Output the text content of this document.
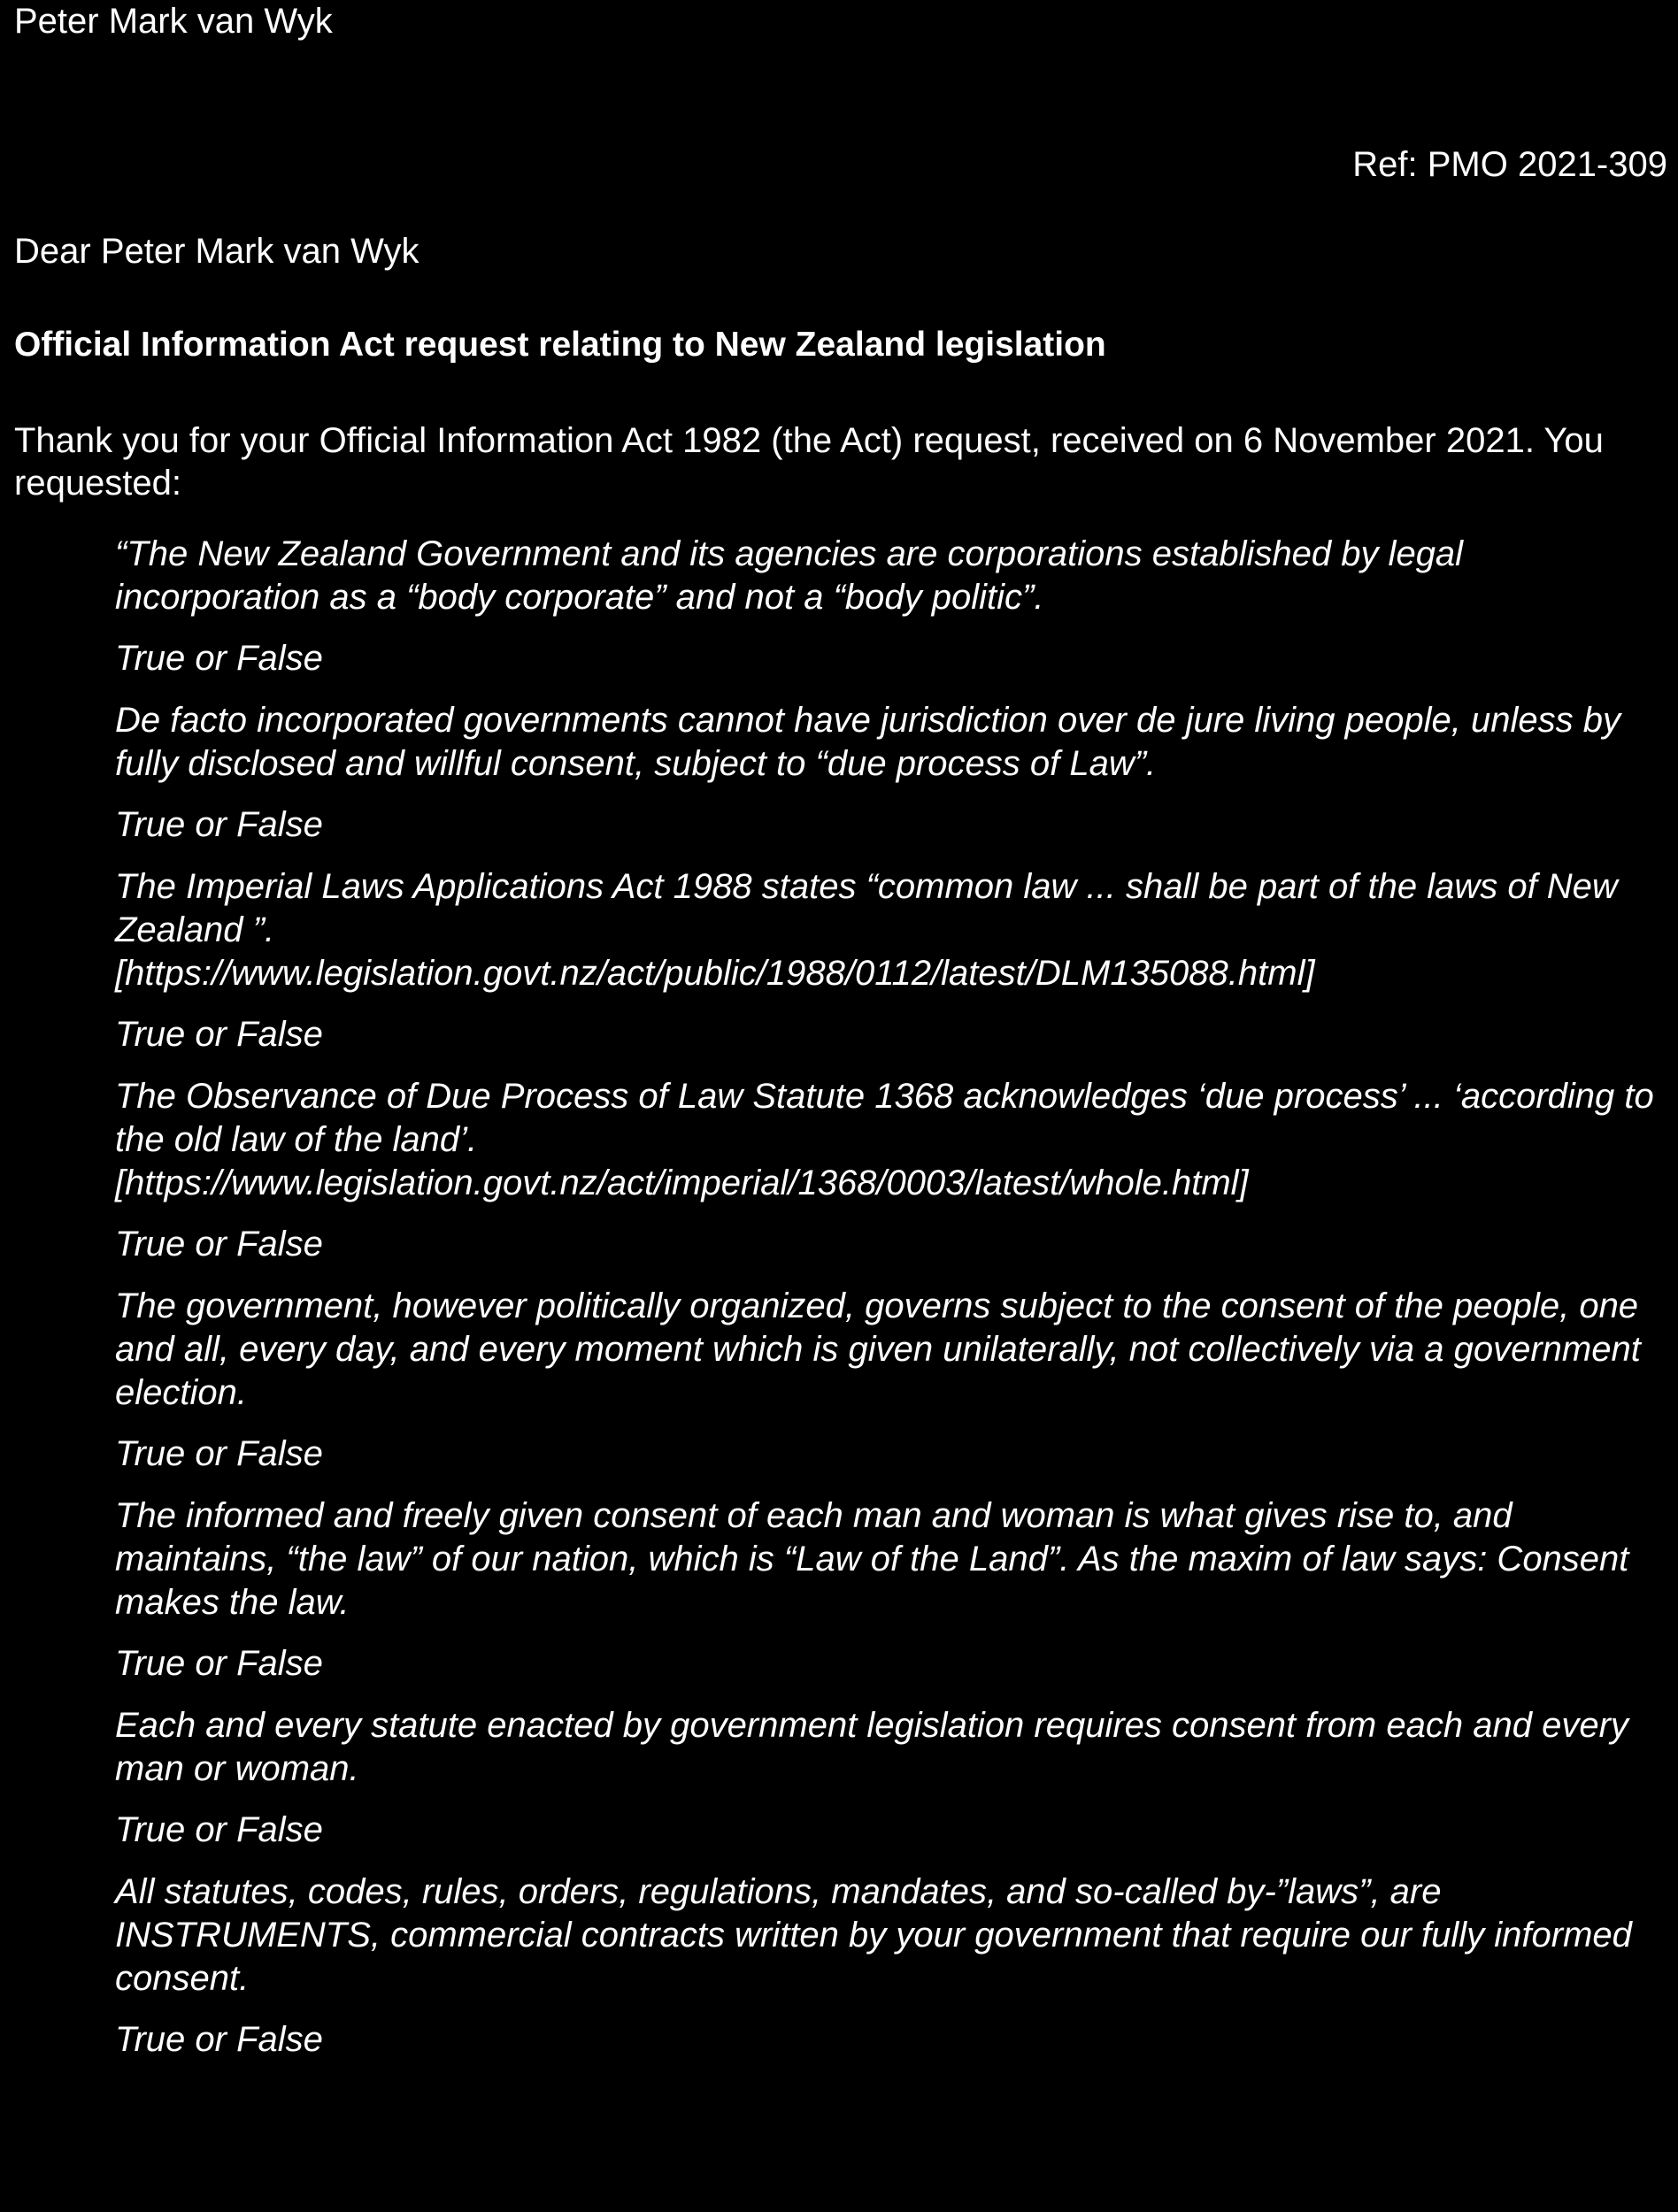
Peter Mark van Wyk

Ref: PMO 2021-309

Dear Peter Mark van Wyk

Official Information Act request relating to New Zealand legislation

Thank you for your Official Information Act 1982 (the Act) request, received on 6 November 2021. You requested:

“The New Zealand Government and its agencies are corporations established by legal incorporation as a “body corporate” and not a “body politic”.

True or False

De facto incorporated governments cannot have jurisdiction over de jure living people, unless by fully disclosed and willful consent, subject to “due process of Law”.

True or False

The Imperial Laws Applications Act 1988 states “common law ... shall be part of the laws of New Zealand ”.
[https://www.legislation.govt.nz/act/public/1988/0112/latest/DLM135088.html]

True or False

The Observance of Due Process of Law Statute 1368 acknowledges ‘due process’ ... ‘according to the old law of the land’.
[https://www.legislation.govt.nz/act/imperial/1368/0003/latest/whole.html]

True or False

The government, however politically organized, governs subject to the consent of the people, one and all, every day, and every moment which is given unilaterally, not collectively via a government election.

True or False

The informed and freely given consent of each man and woman is what gives rise to, and maintains, “the law” of our nation, which is “Law of the Land”. As the maxim of law says: Consent makes the law.

True or False

Each and every statute enacted by government legislation requires consent from each and every man or woman.

True or False

All statutes, codes, rules, orders, regulations, mandates, and so-called by-”laws”, are INSTRUMENTS, commercial contracts written by your government that require our fully informed consent.

True or False
